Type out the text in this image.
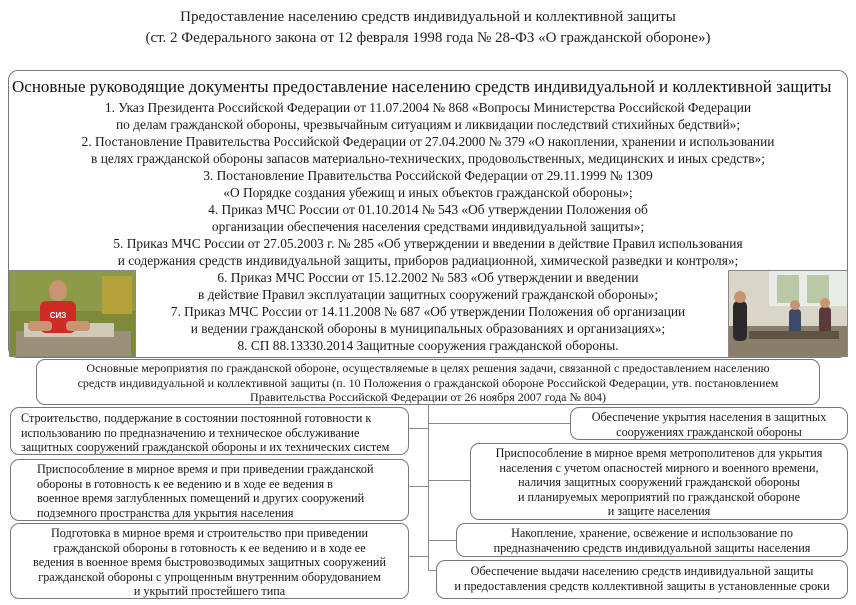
Предоставление населению средств индивидуальной и коллективной защиты
(ст. 2 Федерального закона от 12 февраля 1998 года № 28-ФЗ «О гражданской обороне»)
Основные руководящие документы предоставление населению средств индивидуальной и коллективной защиты
1. Указ Президента Российской Федерации от 11.07.2004 № 868 «Вопросы Министерства Российской Федерации
по делам гражданской обороны, чрезвычайным ситуациям и ликвидации последствий стихийных бедствий»;
2. Постановление Правительства Российской Федерации от 27.04.2000 № 379 «О накоплении, хранении и использовании
в целях гражданской обороны запасов материально-технических, продовольственных, медицинских и иных средств»;
3. Постановление Правительства Российской Федерации от 29.11.1999 № 1309
«О Порядке создания убежищ и иных объектов гражданской обороны»;
4. Приказ МЧС России от 01.10.2014 № 543 «Об утверждении Положения об
организации обеспечения населения средствами индивидуальной защиты»;
5. Приказ МЧС России от 27.05.2003 г. № 285 «Об утверждении и введении в действие Правил использования
и содержания средств индивидуальной защиты, приборов радиационной, химической разведки и контроля»;
6. Приказ МЧС России от 15.12.2002 № 583 «Об утверждении и введении
в действие Правил эксплуатации защитных сооружений гражданской обороны»;
7. Приказ МЧС России от 14.11.2008 № 687 «Об утверждении Положения об организации
и ведении гражданской обороны в муниципальных образованиях и организациях»;
8. СП 88.13330.2014 Защитные сооружения гражданской обороны.
СИЗ
Основные мероприятия по гражданской обороне, осуществляемые в целях решения задачи, связанной с предоставлением населению
средств индивидуальной и коллективной защиты (п. 10 Положения о гражданской обороне Российской Федерации, утв. постановлением
Правительства Российской Федерации от 26 ноября 2007 года № 804)
Строительство, поддержание в состоянии постоянной готовности к
использованию по предназначению и техническое обслуживание
защитных сооружений гражданской обороны и их технических систем
Приспособление в мирное время и при приведении гражданской
обороны в готовность к ее ведению и в ходе ее ведения в
военное время заглубленных помещений и других сооружений
подземного пространства для укрытия населения
Подготовка в мирное время и строительство при приведении
гражданской обороны в готовность к ее ведению и в ходе ее
ведения в военное время быстровозводимых защитных сооружений
гражданской обороны с упрощенным внутренним оборудованием
и укрытий простейшего типа
Обеспечение укрытия населения в защитных
сооружениях гражданской обороны
Приспособление в мирное время метрополитенов для укрытия
населения с учетом опасностей мирного и военного времени,
наличия защитных сооружений гражданской обороны
и планируемых мероприятий по гражданской обороне
и защите населения
Накопление, хранение, освежение и использование по
предназначению средств индивидуальной защиты населения
Обеспечение выдачи населению средств индивидуальной защиты
и предоставления средств коллективной защиты в установленные сроки
